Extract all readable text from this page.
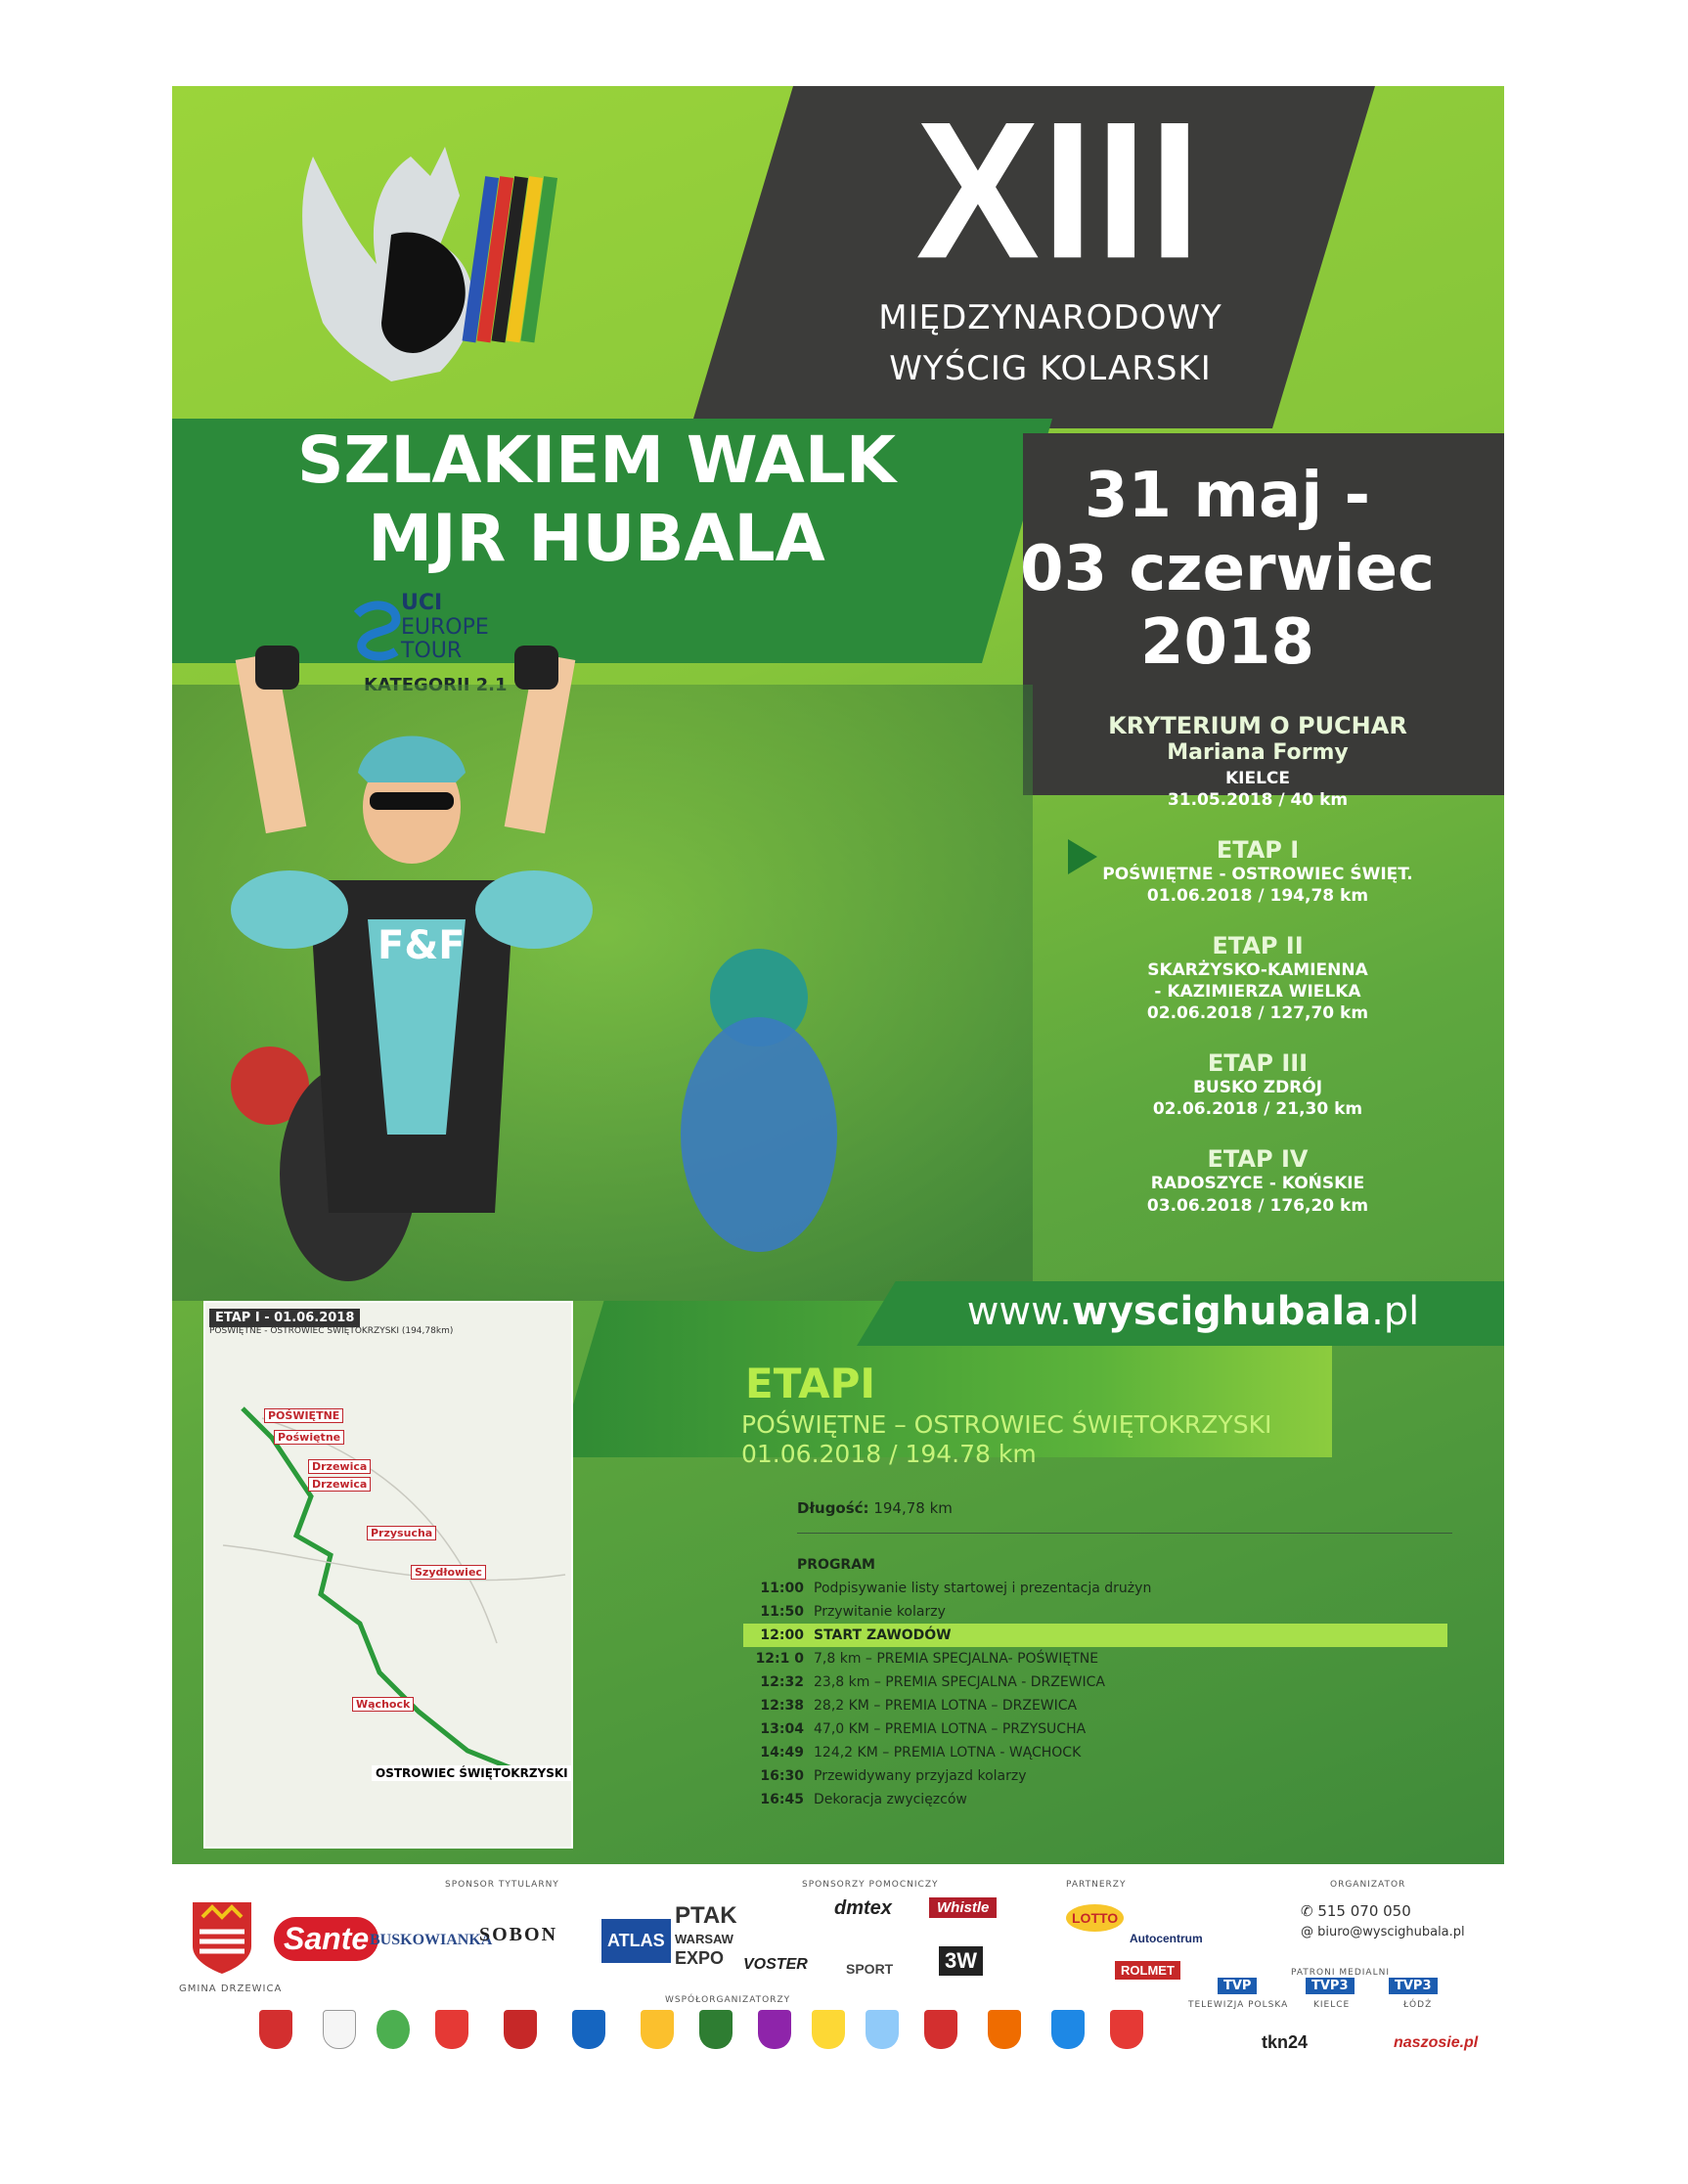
XIII
MIĘDZYNARODOWY
WYŚCIG KOLARSKI
SZLAKIEM WALK
MJR HUBALA
31 maj -
03 czerwiec
2018
UCI
EUROPE
TOUR
F&F
KRYTERIUM O PUCHAR
Mariana Formy
KIELCE
31.05.2018 / 40 km
ETAP I
POŚWIĘTNE - OSTROWIEC ŚWIĘT.
01.06.2018 / 194,78 km
ETAP II
SKARŻYSKO-KAMIENNA
- KAZIMIERZA WIELKA
02.06.2018 / 127,70 km
ETAP III
BUSKO ZDRÓJ
02.06.2018 / 21,30 km
ETAP IV
RADOSZYCE - KOŃSKIE
03.06.2018 / 176,20 km
www.wyscighubala.pl
ETAPI
POŚWIĘTNE – OSTROWIEC ŚWIĘTOKRZYSKI
01.06.2018 / 194.78 km
Długość: 194,78 km
PROGRAM
11:00 Podpisywanie listy startowej i prezentacja drużyn
11:50 Przywitanie kolarzy
12:00 START ZAWODÓW
12:1 0 7,8 km – PREMIA SPECJALNA- POŚWIĘTNE
12:32 23,8 km – PREMIA SPECJALNA - DRZEWICA
12:38 28,2 KM – PREMIA LOTNA – DRZEWICA
13:04 47,0 KM – PREMIA LOTNA – PRZYSUCHA
14:49 124,2 KM – PREMIA LOTNA - WĄCHOCK
16:30 Przewidywany przyjazd kolarzy
16:45 Dekoracja zwycięzców
ETAP I - 01.06.2018
POŚWIĘTNE - OSTROWIEC ŚWIĘTOKRZYSKI (194,78km)
POŚWIĘTNE
Poświętne
Drzewica
Drzewica
Przysucha
Szydłowiec
Wąchock
OSTROWIEC ŚWIĘTOKRZYSKI
SPONSOR TYTULARNY	SPONSORZY POMOCNICZY	PARTNERZY	ORGANIZATOR
WSPÓŁORGANIZATORZY
PATRONI MEDIALNI
GMINA DRZEWICA
Sante BUSKOWIANKA
SOBON	ATLAS
PTAK
WARSAW
EXPO
dmtex	Whistle
LOTTO
Autocentrum
VOSTER	SPORT 3W	ROLMET
✆ 515 070 050
@ biuro@wyscighubala.pl
TVP
TELEWIZJA POLSKA
TVP3
KIELCE
TVP3
ŁÓDŹ
tkn24	naszosie.pl
